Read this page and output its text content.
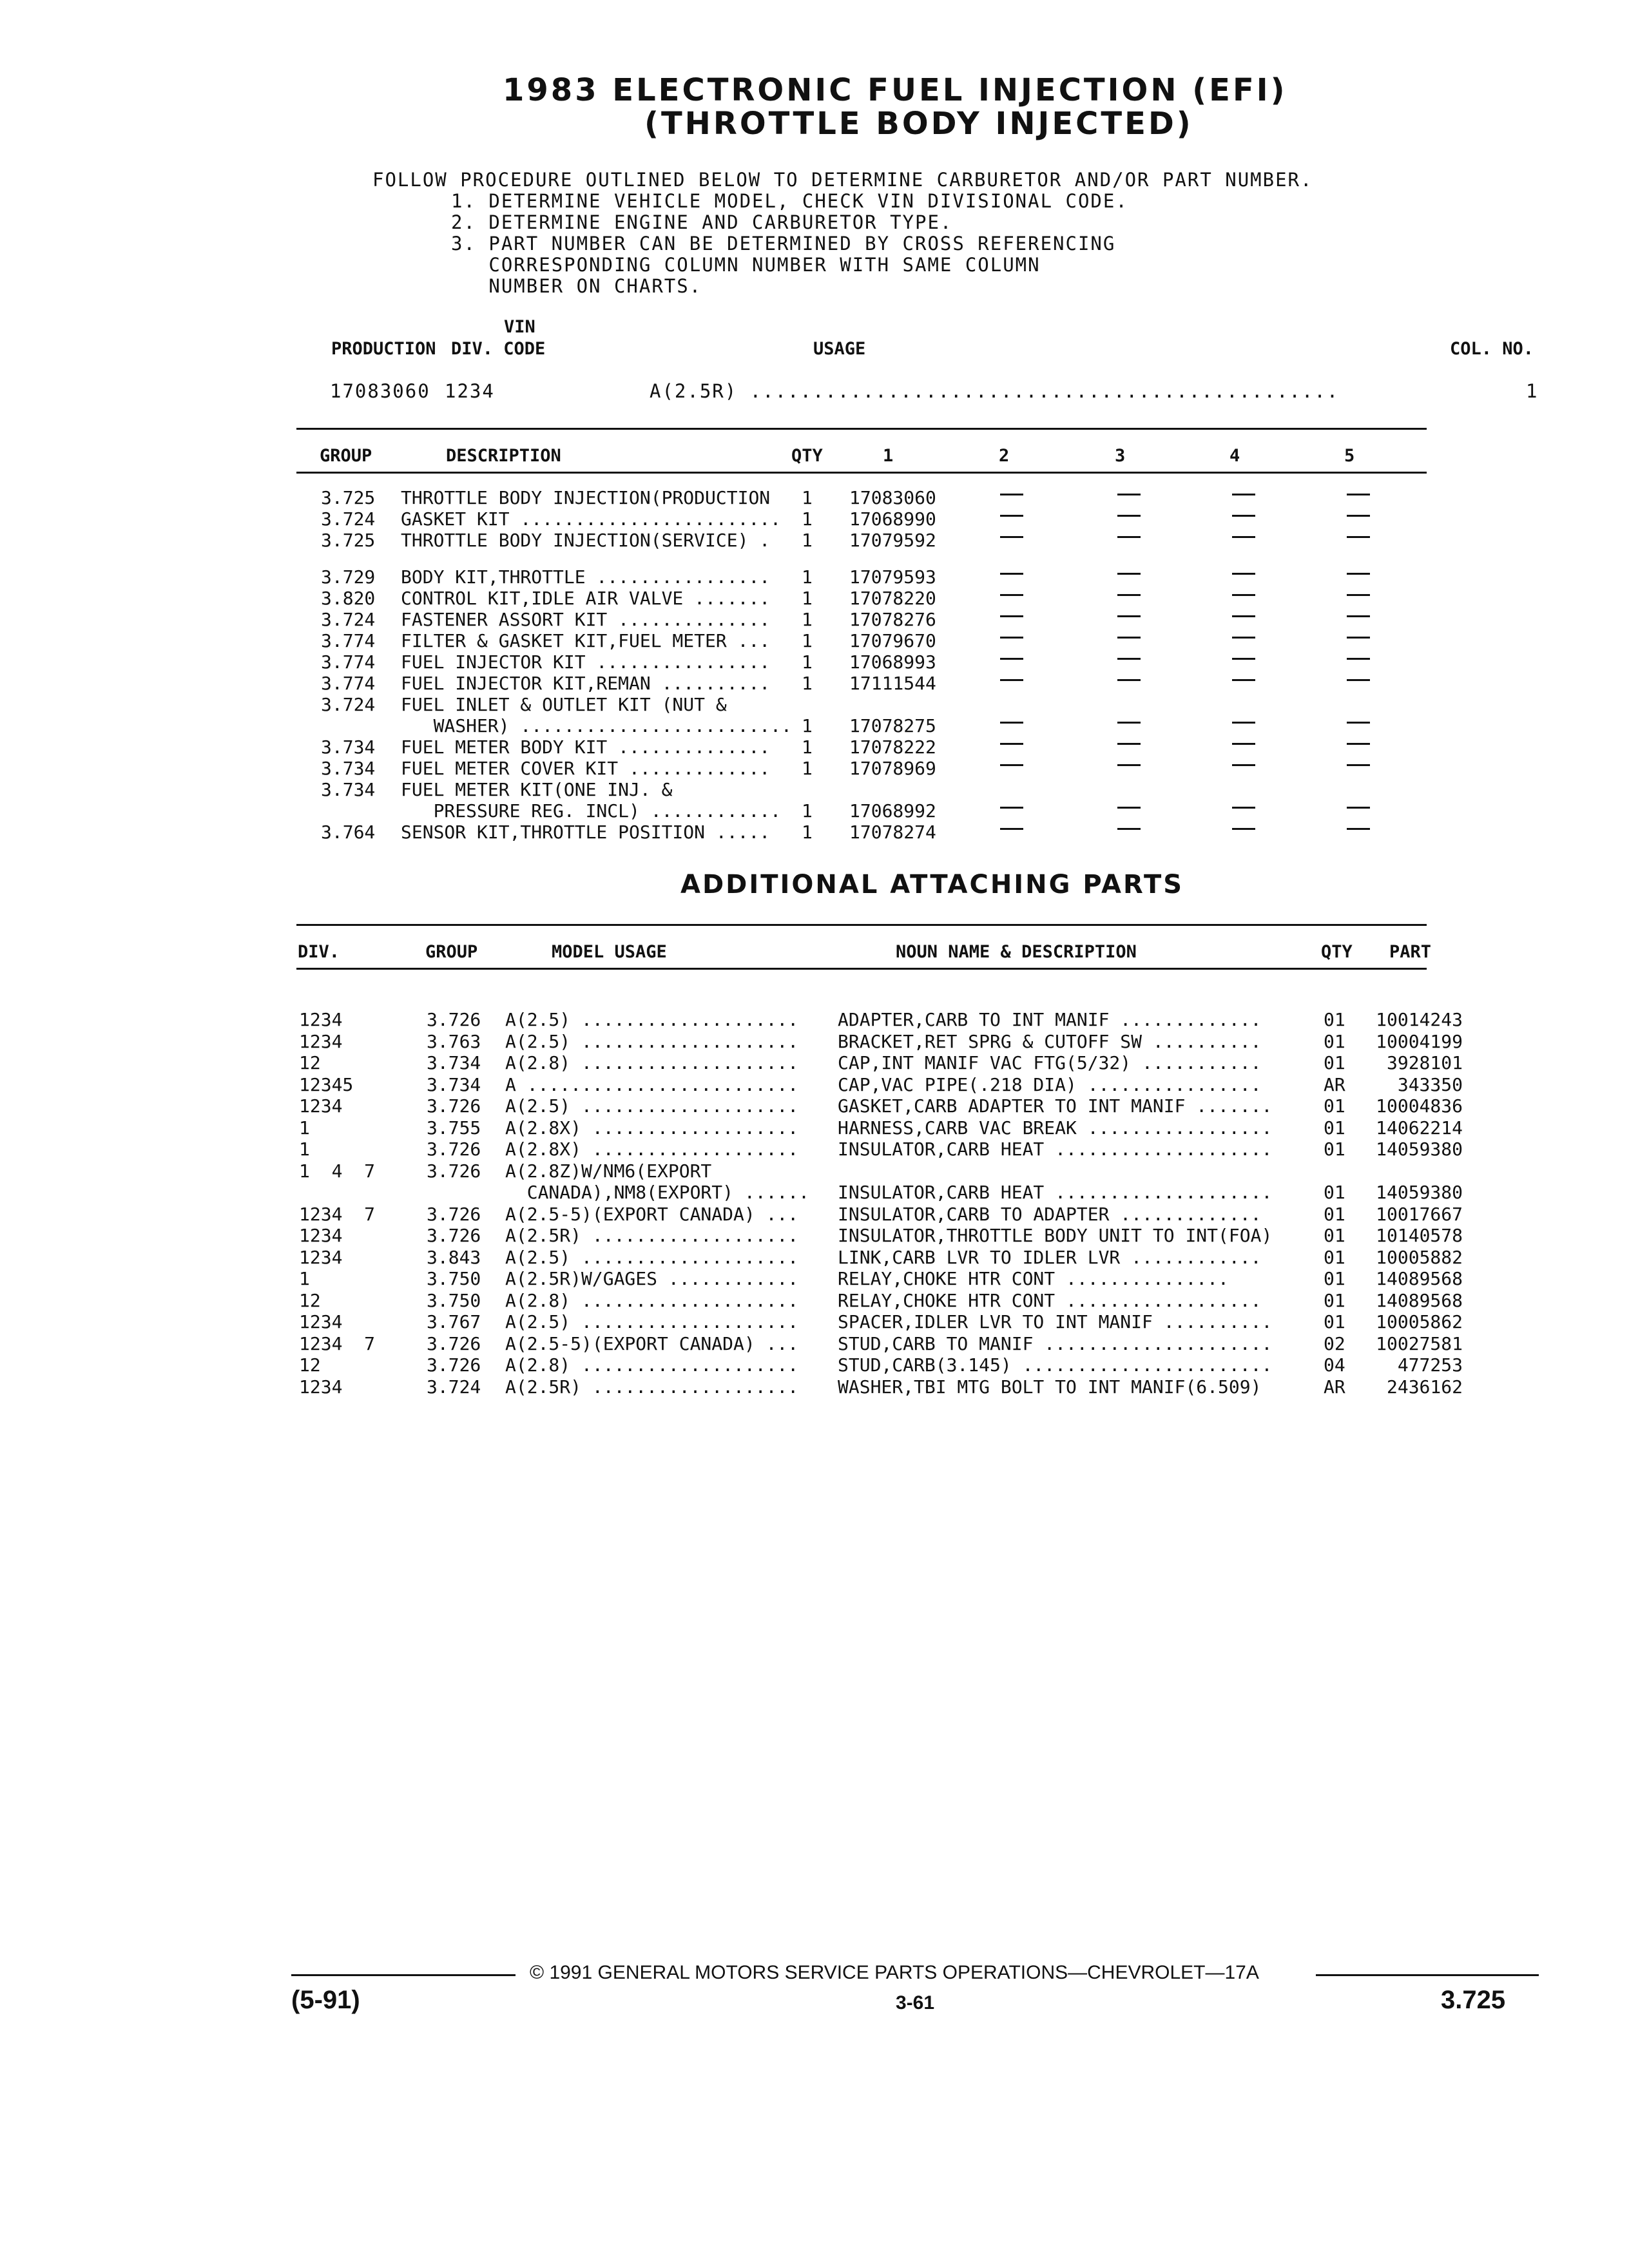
1983 ELECTRONIC FUEL INJECTION (EFI)
(THROTTLE BODY INJECTED)
FOLLOW PROCEDURE OUTLINED BELOW TO DETERMINE CARBURETOR AND/OR PART NUMBER.
1. DETERMINE VEHICLE MODEL, CHECK VIN DIVISIONAL CODE.
2. DETERMINE ENGINE AND CARBURETOR TYPE.
3. PART NUMBER CAN BE DETERMINED BY CROSS REFERENCING
CORRESPONDING COLUMN NUMBER WITH SAME COLUMN
NUMBER ON CHARTS.
VIN
PRODUCTION DIV. CODE	USAGE	COL. NO.
17083060 1234	A(2.5R) ...............................................	1
GROUP	DESCRIPTION	QTY	1	2	3	4	5
3.725 THROTTLE BODY INJECTION(PRODUCTION 1 17083060
3.724 GASKET KIT ........................ 1 17068990
3.725 THROTTLE BODY INJECTION(SERVICE) . 1 17079592
3.729 BODY KIT,THROTTLE ................ 1 17079593
3.820 CONTROL KIT,IDLE AIR VALVE ....... 1 17078220
3.724 FASTENER ASSORT KIT .............. 1 17078276
3.774 FILTER & GASKET KIT,FUEL METER ... 1 17079670
3.774 FUEL INJECTOR KIT ................ 1 17068993
3.774 FUEL INJECTOR KIT,REMAN .......... 1 17111544
3.724 FUEL INLET & OUTLET KIT (NUT &
WASHER) ......................... 1 17078275
3.734 FUEL METER BODY KIT .............. 1 17078222
3.734 FUEL METER COVER KIT ............. 1 17078969
3.734 FUEL METER KIT(ONE INJ. &
PRESSURE REG. INCL) ............ 1 17068992
3.764 SENSOR KIT,THROTTLE POSITION ..... 1 17078274
ADDITIONAL ATTACHING PARTS
DIV.	GROUP	MODEL USAGE	NOUN NAME & DESCRIPTION	QTY PART
1234	3.726 A(2.5) .................... ADAPTER,CARB TO INT MANIF .............	01 10014243
1234	3.763 A(2.5) .................... BRACKET,RET SPRG & CUTOFF SW ..........	01 10004199
12	3.734 A(2.8) .................... CAP,INT MANIF VAC FTG(5/32) ...........	01 3928101
12345	3.734 A ......................... CAP,VAC PIPE(.218 DIA) ................	AR	343350
1234	3.726 A(2.5) .................... GASKET,CARB ADAPTER TO INT MANIF .......	01 10004836
1	3.755 A(2.8X) ................... HARNESS,CARB VAC BREAK .................	01 14062214
1	3.726 A(2.8X) ................... INSULATOR,CARB HEAT ....................	01 14059380
1  4  7	3.726 A(2.8Z)W/NM6(EXPORT
CANADA),NM8(EXPORT) ...... INSULATOR,CARB HEAT ....................	01 14059380
1234  7	3.726 A(2.5-5)(EXPORT CANADA) ... INSULATOR,CARB TO ADAPTER .............	01 10017667
1234	3.726 A(2.5R) ................... INSULATOR,THROTTLE BODY UNIT TO INT(FOA)	01 10140578
1234	3.843 A(2.5) .................... LINK,CARB LVR TO IDLER LVR ............	01 10005882
1	3.750 A(2.5R)W/GAGES ............ RELAY,CHOKE HTR CONT ...............	01 14089568
12	3.750 A(2.8) .................... RELAY,CHOKE HTR CONT ..................	01 14089568
1234	3.767 A(2.5) .................... SPACER,IDLER LVR TO INT MANIF ..........	01 10005862
1234  7	3.726 A(2.5-5)(EXPORT CANADA) ... STUD,CARB TO MANIF .....................	02 10027581
12	3.726 A(2.8) .................... STUD,CARB(3.145) .......................	04	477253
1234	3.724 A(2.5R) ................... WASHER,TBI MTG BOLT TO INT MANIF(6.509)	AR 2436162
© 1991 GENERAL MOTORS SERVICE PARTS OPERATIONS—CHEVROLET—17A
(5-91)	3-61	3.725
